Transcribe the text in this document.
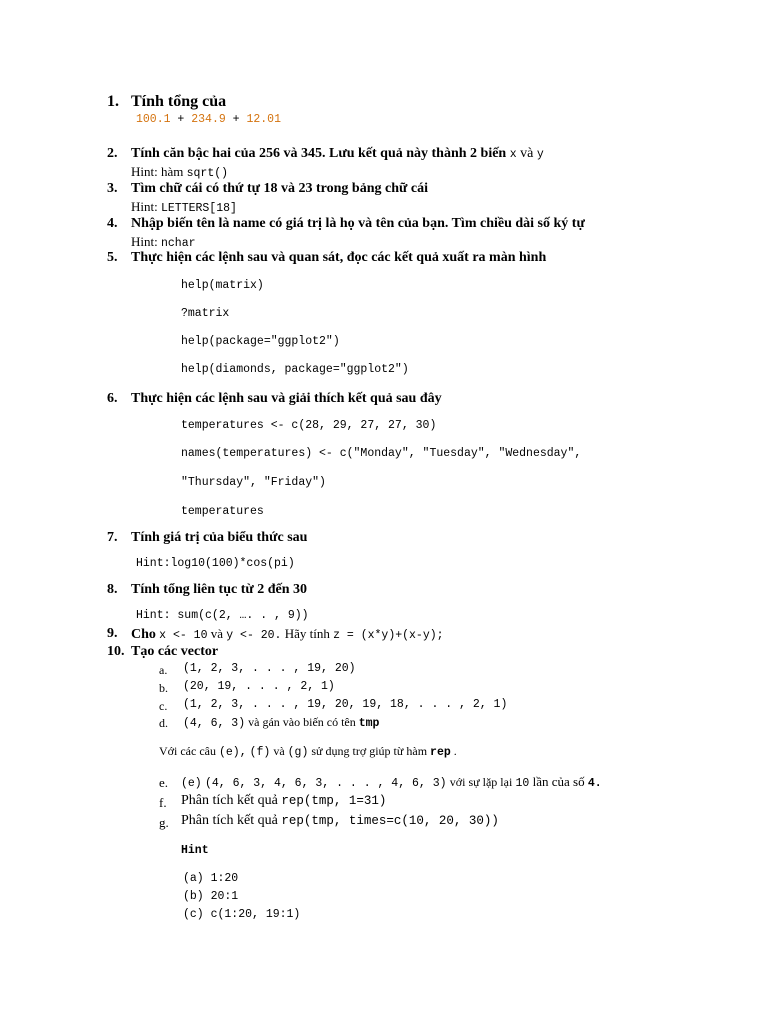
1. Tính tổng của
100.1 + 234.9 + 12.01
2. Tính căn bậc hai của 256 và 345. Lưu kết quả này thành 2 biến x và y
Hint: hàm sqrt()
3. Tìm chữ cái có thứ tự 18 và 23 trong bảng chữ cái
Hint: LETTERS[18]
4. Nhập biến tên là name có giá trị là họ và tên của bạn. Tìm chiều dài số ký tự
Hint: nchar
5. Thực hiện các lệnh sau và quan sát, đọc các kết quả xuất ra màn hình
help(matrix)
?matrix
help(package="ggplot2")
help(diamonds, package="ggplot2")
6. Thực hiện các lệnh sau và giải thích kết quả sau đây
temperatures <- c(28, 29, 27, 27, 30)
names(temperatures) <- c("Monday", "Tuesday", "Wednesday",
"Thursday", "Friday")
temperatures
7. Tính giá trị của biểu thức sau
Hint:log10(100)*cos(pi)
8. Tính tổng liên tục từ 2 đến 30
Hint: sum(c(2, …. . , 9))
9. Cho x <- 10 và y <- 20. Hãy tính z = (x*y)+(x-y);
10. Tạo các vector
a. (1, 2, 3, . . . , 19, 20)
b. (20, 19, . . . , 2, 1)
c. (1, 2, 3, . . . , 19, 20, 19, 18, . . . , 2, 1)
d. (4, 6, 3) và gán vào biến có tên tmp
Với các câu (e), (f) và (g) sử dụng trợ giúp từ hàm rep .
e. (e) (4, 6, 3, 4, 6, 3, . . . , 4, 6, 3) với sự lặp lại 10 lần của số 4.
f. Phân tích kết quả rep(tmp, 1=31)
g. Phân tích kết quả rep(tmp, times=c(10, 20, 30))
Hint
(a) 1:20
(b) 20:1
(c) c(1:20, 19:1)
